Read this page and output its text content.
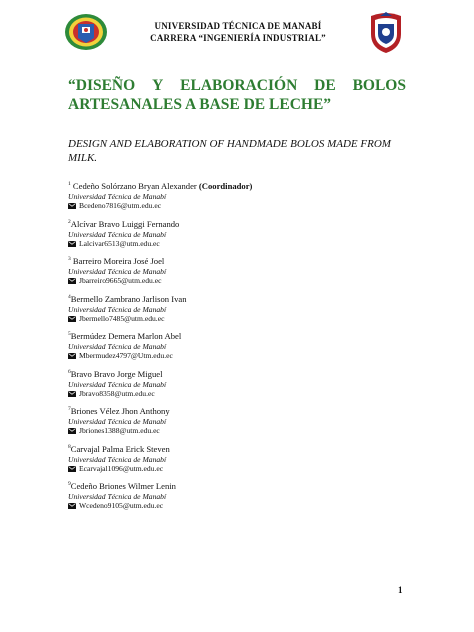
UNIVERSIDAD TÉCNICA DE MANABÍ
CARRERA “INGENIERÍA INDUSTRIAL”
“DISEÑO Y ELABORACIÓN DE BOLOS
ARTESANALES A BASE DE LECHE”
DESIGN AND ELABORATION OF HANDMADE BOLOS MADE FROM MILK.
$^1$ Cedeño Solórzano Bryan Alexander (Coordinador)
Universidad Técnica de Manabí
Bcedeno7816@utm.edu.ec
$^2$Alcívar Bravo Luiggi Fernando
Universidad Técnica de Manabí
Lalcivar6513@utm.edu.ec
$^3$ Barreiro Moreira José Joel
Universidad Técnica de Manabí
Jbarreiro9665@utm.edu.ec
$^4$Bermello Zambrano Jarlison Ivan
Universidad Técnica de Manabí
Jbermello7485@utm.edu.ec
$^5$Bermúdez Demera Marlon Abel
Universidad Técnica de Manabí
Mbermudez4797@Utm.edu.ec
$^6$Bravo Bravo Jorge Miguel
Universidad Técnica de Manabí
Jbravo8358@utm.edu.ec
$^7$Briones Vélez Jhon Anthony
Universidad Técnica de Manabí
Jbriones1388@utm.edu.ec
$^8$Carvajal Palma Erick Steven
Universidad Técnica de Manabí
Ecarvajal1096@utm.edu.ec
$^9$Cedeño Briones Wilmer Lenin
Universidad Técnica de Manabí
Wcedeno9105@utm.edu.ec
1
